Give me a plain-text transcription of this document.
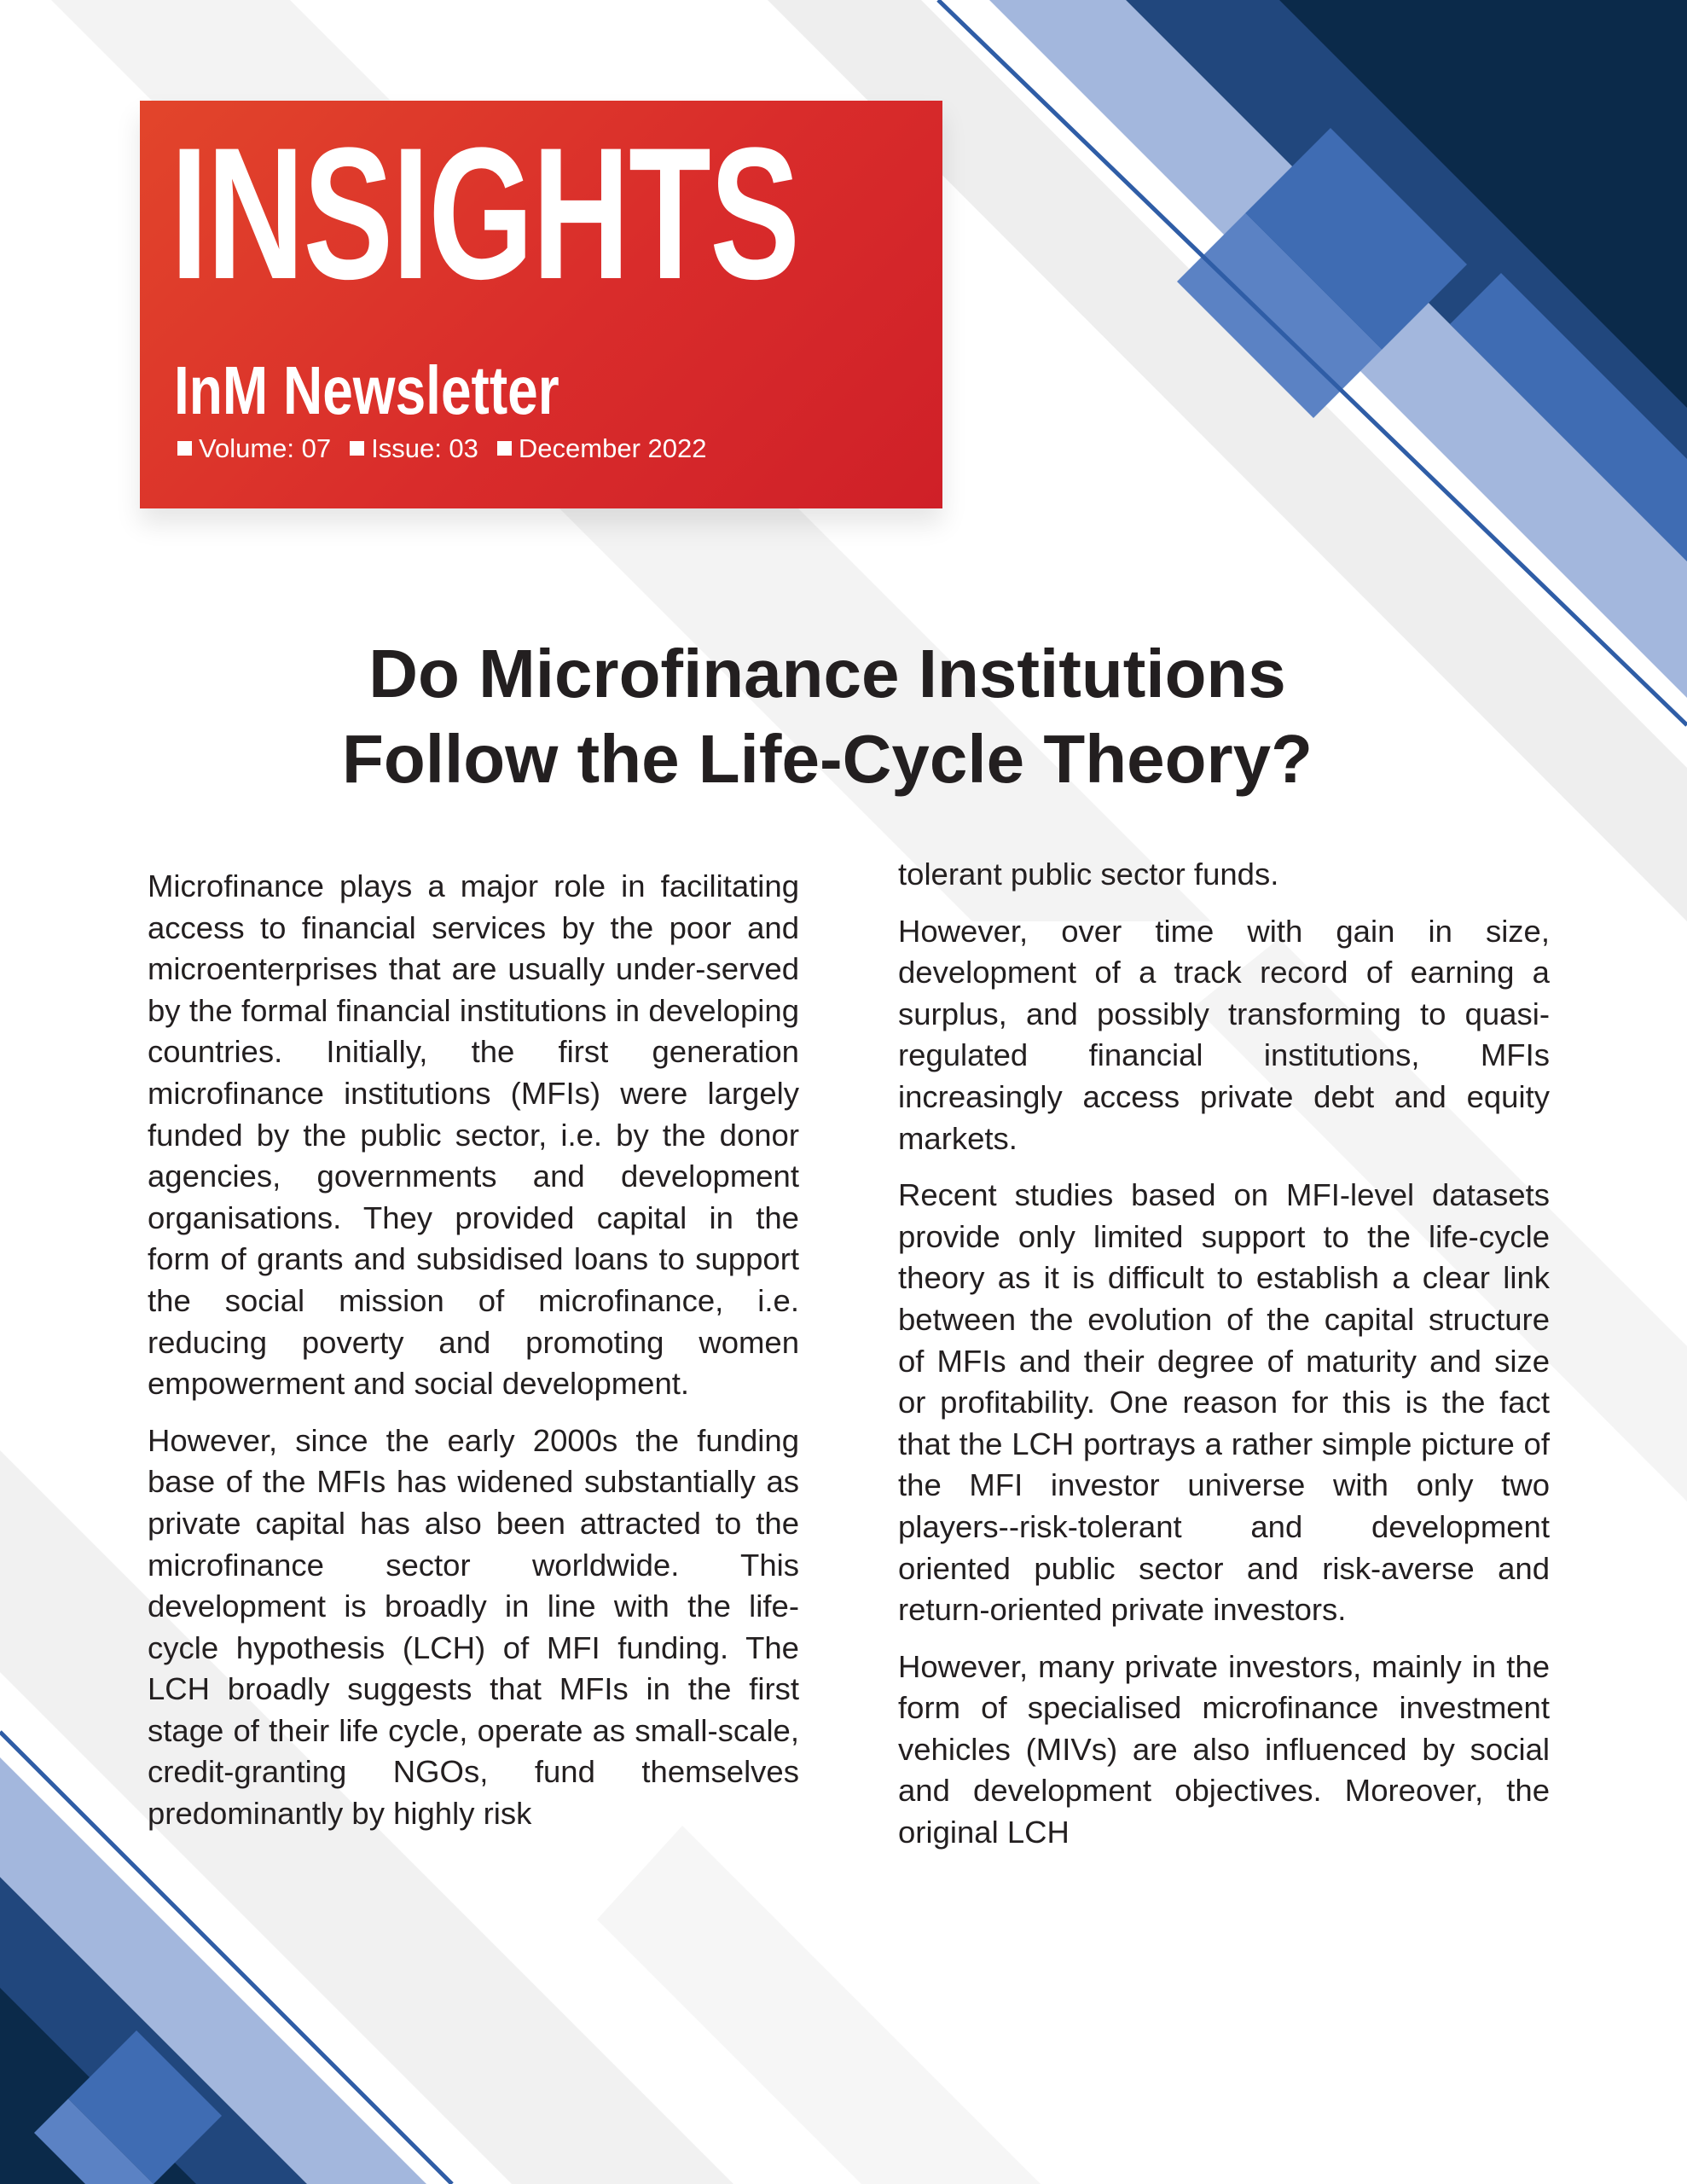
INSIGHTS
InM Newsletter
Volume: 07 Issue: 03 December 2022
Do Microfinance Institutions
Follow the Life-Cycle Theory?

Microfinance plays a major role in facilitating access to financial services by the poor and microenterprises that are usually under-served by the formal financial institutions in developing countries. Initially, the first generation microfinance institutions (MFIs) were largely funded by the public sector, i.e. by the donor agencies, governments and development organisations. They provided capital in the form of grants and subsidised loans to support the social mission of microfinance, i.e. reducing poverty and promoting women empowerment and social development.

However, since the early 2000s the funding base of the MFIs has widened substantially as private capital has also been attracted to the microfinance sector worldwide. This development is broadly in line with the life-cycle hypothesis (LCH) of MFI funding. The LCH broadly suggests that MFIs in the first stage of their life cycle, operate as small-scale, credit-granting NGOs, fund themselves predominantly by highly risk

tolerant public sector funds.

However, over time with gain in size, development of a track record of earning a surplus, and possibly transforming to quasi-regulated financial institutions, MFIs increasingly access private debt and equity markets.

Recent studies based on MFI-level datasets provide only limited support to the life-cycle theory as it is difficult to establish a clear link between the evolution of the capital structure of MFIs and their degree of maturity and size or profitability. One reason for this is the fact that the LCH portrays a rather simple picture of the MFI investor universe with only two players--risk-tolerant and development oriented public sector and risk-averse and return-oriented private investors.

However, many private investors, mainly in the form of specialised microfinance investment vehicles (MIVs) are also influenced by social and development objectives. Moreover, the original LCH
